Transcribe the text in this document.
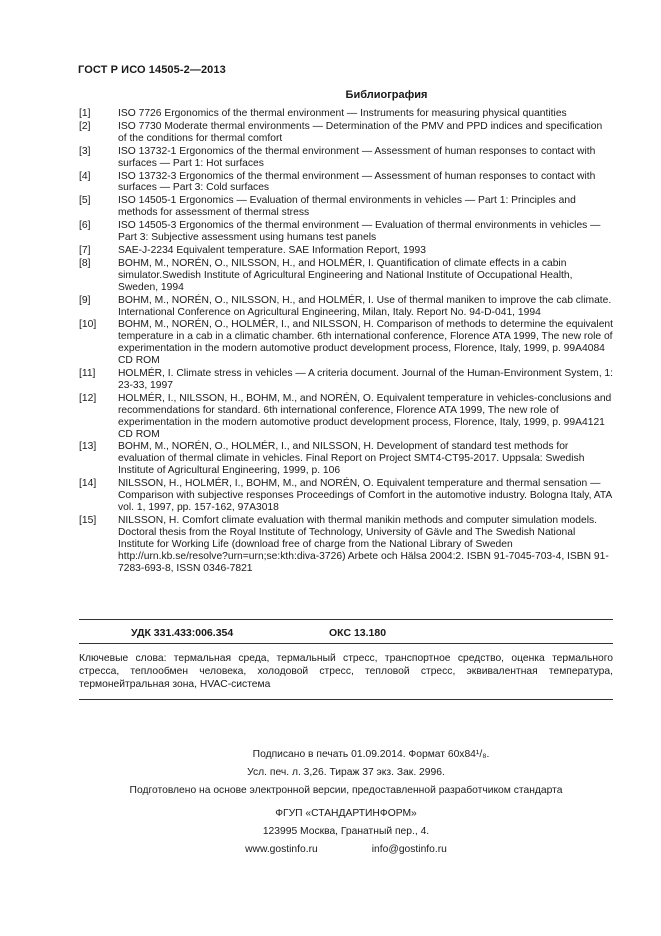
ГОСТ Р ИСО 14505-2—2013
Библиография
[1]	ISO 7726 Ergonomics of the thermal environment — Instruments for measuring physical quantities
[2]	ISO 7730 Moderate thermal environments — Determination of the PMV and PPD indices and specification of the conditions for thermal comfort
[3]	ISO 13732-1 Ergonomics of the thermal environment — Assessment of human responses to contact with surfaces — Part 1: Hot surfaces
[4]	ISO 13732-3 Ergonomics of the thermal environment — Assessment of human responses to contact with surfaces — Part 3: Cold surfaces
[5]	ISO 14505-1 Ergonomics — Evaluation of thermal environments in vehicles — Part 1: Principles and methods for assessment of thermal stress
[6]	ISO 14505-3 Ergonomics of the thermal environment — Evaluation of thermal environments in vehicles — Part 3: Subjective assessment using humans test panels
[7]	SAE-J-2234 Equivalent temperature. SAE Information Report, 1993
[8]	BOHM, M., NORÉN, O., NILSSON, H., and HOLMÉR, I. Quantification of climate effects in a cabin simulator.Swedish Institute of Agricultural Engineering and National Institute of Occupational Health, Sweden, 1994
[9]	BOHM, M., NORÉN, O., NILSSON, H., and HOLMÉR, I. Use of thermal maniken to improve the cab climate. International Conference on Agricultural Engineering, Milan, Italy. Report No. 94-D-041, 1994
[10]	BOHM, M., NORÉN, O., HOLMÉR, I., and NILSSON, H. Comparison of methods to determine the equivalent temperature in a cab in a climatic chamber. 6th international conference, Florence ATA 1999, The new role of experimentation in the modern automotive product development process, Florence, Italy, 1999, p. 99A4084 CD ROM
[11]	HOLMÉR, I. Climate stress in vehicles — A criteria document. Journal of the Human-Environment System, 1: 23-33, 1997
[12]	HOLMÉR, I., NILSSON, H., BOHM, M., and NORÉN, O. Equivalent temperature in vehicles-conclusions and recommendations for standard. 6th international conference, Florence ATA 1999, The new role of experimentation in the modern automotive product development process, Florence, Italy, 1999, p. 99A4121 CD ROM
[13]	BOHM, M., NORÉN, O., HOLMÉR, I., and NILSSON, H. Development of standard test methods for evaluation of thermal climate in vehicles. Final Report on Project SMT4-CT95-2017. Uppsala: Swedish Institute of Agricultural Engineering, 1999, p. 106
[14]	NILSSON, H., HOLMÉR, I., BOHM, M., and NORÉN, O. Equivalent temperature and thermal sensation — Comparison with subjective responses Proceedings of Comfort in the automotive industry. Bologna Italy, ATA vol. 1, 1997, pp. 157-162, 97A3018
[15]	NILSSON, H. Comfort climate evaluation with thermal manikin methods and computer simulation models. Doctoral thesis from the Royal Institute of Technology, University of Gävle and The Swedish National Institute for Working Life (download free of charge from the National Library of Sweden http://urn.kb.se/resolve?urn=urn;se:kth:diva-3726) Arbete och Hälsa 2004:2. ISBN 91-7045-703-4, ISBN 91-7283-693-8, ISSN 0346-7821
УДК 331.433:006.354	ОКС 13.180
Ключевые слова: термальная среда, термальный стресс, транспортное средство, оценка термального стресса, теплообмен человека, холодовой стресс, тепловой стресс, эквивалентная температура, термонейтральная зона, HVAC-система
Подписано в печать 01.09.2014. Формат 60х84¹/₈.
Усл. печ. л. 3,26. Тираж 37 экз. Зак. 2996.
Подготовлено на основе электронной версии, предоставленной разработчиком стандарта
ФГУП «СТАНДАРТИНФОРМ»
123995 Москва, Гранатный пер., 4.
www.gostinfo.ru	info@gostinfo.ru
